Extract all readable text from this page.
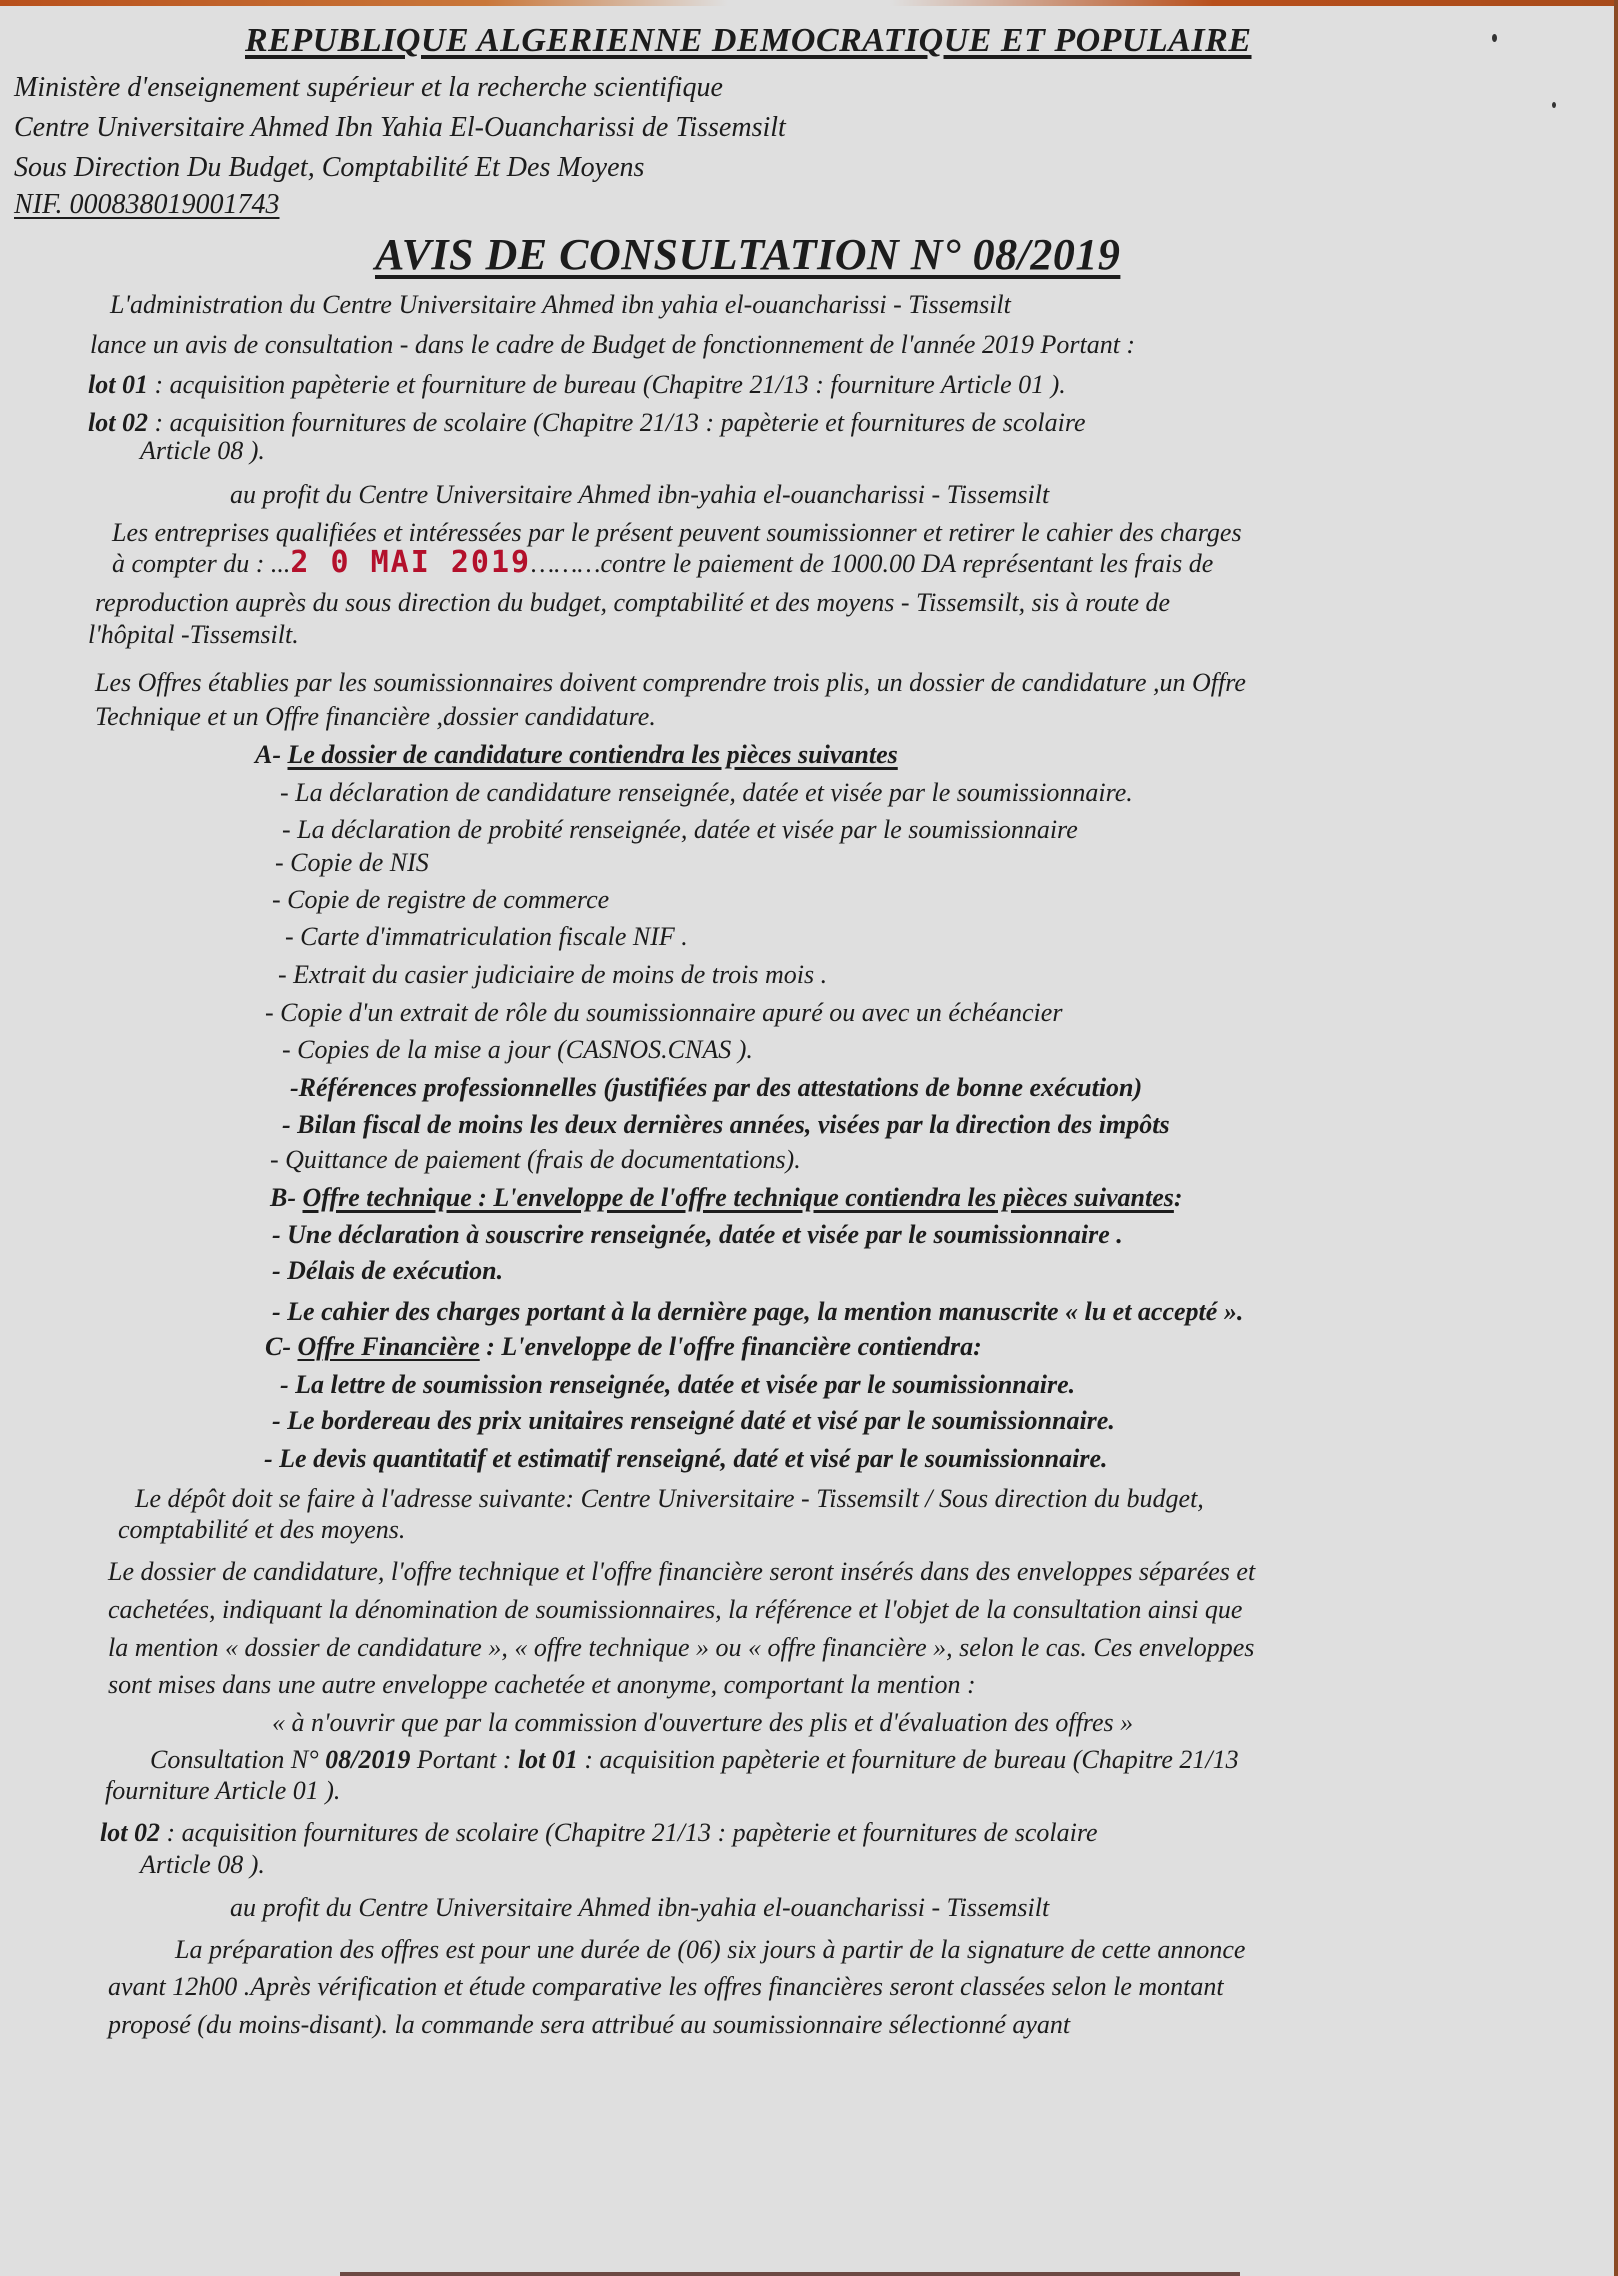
REPUBLIQUE ALGERIENNE DEMOCRATIQUE ET POPULAIRE
Ministère d'enseignement supérieur et la recherche scientifique
Centre Universitaire Ahmed Ibn Yahia El-Ouancharissi de Tissemsilt
Sous Direction Du Budget, Comptabilité Et Des Moyens
NIF. 000838019001743
AVIS DE CONSULTATION N° 08/2019
L'administration du Centre Universitaire Ahmed ibn yahia el-ouancharissi - Tissemsilt
lance un avis de consultation - dans le cadre de Budget de fonctionnement de l'année 2019 Portant :
lot 01 : acquisition papèterie et fourniture de bureau (Chapitre 21/13 : fourniture Article 01 ).
lot 02 : acquisition fournitures de scolaire (Chapitre 21/13 : papèterie et fournitures de scolaire
Article 08 ).
au profit du Centre Universitaire Ahmed ibn-yahia el-ouancharissi - Tissemsilt
Les entreprises qualifiées et intéressées par le présent peuvent soumissionner et retirer le cahier des charges
à compter du : ...2 0 MAI 2019………contre le paiement de 1000.00 DA représentant les frais de
reproduction auprès du sous direction du budget, comptabilité et des moyens - Tissemsilt, sis à route de
l'hôpital -Tissemsilt.
Les Offres établies par les soumissionnaires doivent comprendre trois plis, un dossier de candidature ,un Offre
Technique et un Offre financière ,dossier candidature.
A- Le dossier de candidature contiendra les pièces suivantes
- La déclaration de candidature renseignée, datée et visée par le soumissionnaire.
- La déclaration de probité renseignée, datée et visée par le soumissionnaire
- Copie de NIS
- Copie de registre de commerce
- Carte d'immatriculation fiscale NIF .
- Extrait du casier judiciaire de moins de trois mois .
- Copie d'un extrait de rôle du soumissionnaire apuré ou avec un échéancier
- Copies de la mise a jour (CASNOS.CNAS ).
-Références professionnelles (justifiées par des attestations de bonne exécution)
- Bilan fiscal de moins les deux dernières années, visées par la direction des impôts
- Quittance de paiement (frais de documentations).
B- Offre technique : L'enveloppe de l'offre technique contiendra les pièces suivantes:
- Une déclaration à souscrire renseignée, datée et visée par le soumissionnaire .
- Délais de exécution.
- Le cahier des charges portant à la dernière page, la mention manuscrite « lu et accepté ».
C- Offre Financière : L'enveloppe de l'offre financière contiendra:
- La lettre de soumission renseignée, datée et visée par le soumissionnaire.
- Le bordereau des prix unitaires renseigné daté et visé par le soumissionnaire.
- Le devis quantitatif et estimatif renseigné, daté et visé par le soumissionnaire.
Le dépôt doit se faire à l'adresse suivante: Centre Universitaire - Tissemsilt / Sous direction du budget,
comptabilité et des moyens.
Le dossier de candidature, l'offre technique et l'offre financière seront insérés dans des enveloppes séparées et
cachetées, indiquant la dénomination de soumissionnaires, la référence et l'objet de la consultation ainsi que
la mention « dossier de candidature », « offre technique » ou « offre financière », selon le cas. Ces enveloppes
sont mises dans une autre enveloppe cachetée et anonyme, comportant la mention :
« à n'ouvrir que par la commission d'ouverture des plis et d'évaluation des offres »
Consultation N° 08/2019 Portant : lot 01 : acquisition papèterie et fourniture de bureau (Chapitre 21/13
fourniture Article 01 ).
lot 02 : acquisition fournitures de scolaire (Chapitre 21/13 : papèterie et fournitures de scolaire
Article 08 ).
au profit du Centre Universitaire Ahmed ibn-yahia el-ouancharissi - Tissemsilt
La préparation des offres est pour une durée de (06) six jours à partir de la signature de cette annonce
avant 12h00 .Après vérification et étude comparative les offres financières seront classées selon le montant
proposé (du moins-disant). la commande sera attribué au soumissionnaire sélectionné ayant
